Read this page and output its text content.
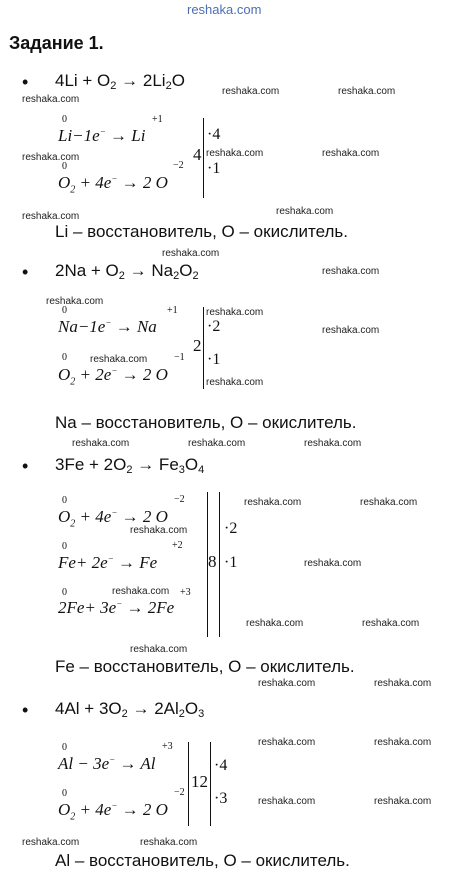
reshaka.com
Задание 1.
• $4Li + O_2 \to 2Li_2O$
0	+1
Li−1e− → Li
0	−2
$O_2 + 4e^- \to 2$ O
4
·4
·1
Li – восстановитель, О – окислитель.
• $2Na + O_2 \to Na_2O_2$
0	+1
Na−1e− → Na
0	−1
$O_2 + 2e^- \to 2$ O
2
·2
·1
Na – восстановитель, О – окислитель.
• $3Fe + 2O_2 \to Fe_3O_4$
0	−2
$O_2 + 4e^- \to 2$ O
0	+2
Fe+ 2e− → Fe
0	+3
2Fe+ 3e− → 2Fe
8
·2
·1
Fe – восстановитель, О – окислитель.
• $4Al + 3O_2 \to 2Al_2O_3$
0	+3
Al − 3e− → Al
0	−2
$O_2 + 4e^- \to 2$ O
12
·4
·3
Al – восстановитель, О – окислитель.
reshaka.com
reshaka.com	reshaka.com
reshaka.com	reshaka.com	reshaka.com
reshaka.com	reshaka.com
reshaka.com
reshaka.com
reshaka.com
reshaka.com
reshaka.com
reshaka.com
reshaka.com
reshaka.com	reshaka.com	reshaka.com
reshaka.com	reshaka.com
reshaka.com
reshaka.com
reshaka.com
reshaka.com	reshaka.com
reshaka.com
reshaka.com	reshaka.com
reshaka.com	reshaka.com
reshaka.com	reshaka.com
reshaka.com	reshaka.com
